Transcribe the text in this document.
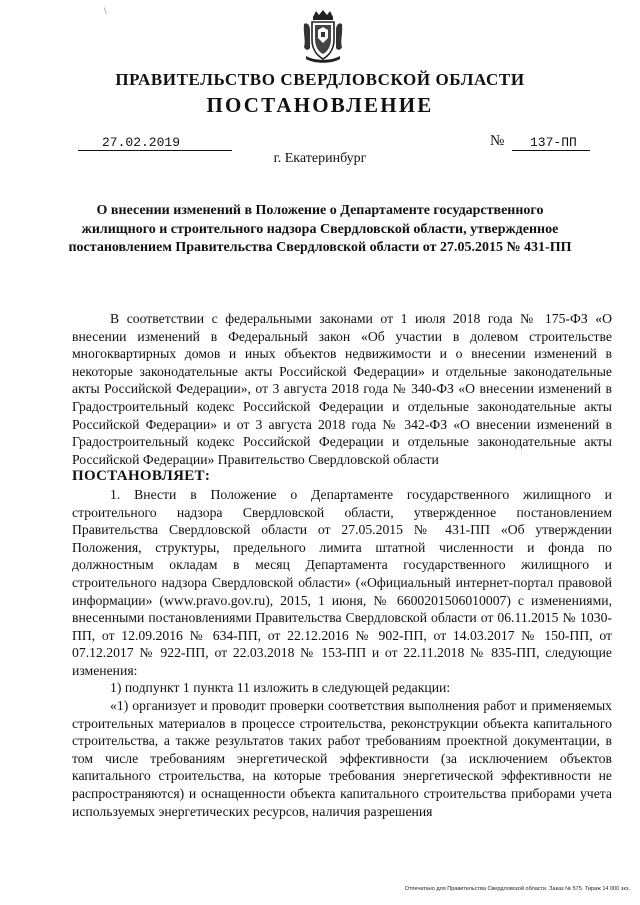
\
ПРАВИТЕЛЬСТВО СВЕРДЛОВСКОЙ ОБЛАСТИ
ПОСТАНОВЛЕНИЕ
27.02.2019	№	137-ПП
г. Екатеринбург
О внесении изменений в Положение о Департаменте государственного жилищного и строительного надзора Свердловской области, утвержденное постановлением Правительства Свердловской области от 27.05.2015 № 431-ПП

В соответствии с федеральными законами от 1 июля 2018 года № 175-ФЗ «О внесении изменений в Федеральный закон «Об участии в долевом строительстве многоквартирных домов и иных объектов недвижимости и о внесении изменений в некоторые законодательные акты Российской Федерации» и отдельные законодательные акты Российской Федерации», от 3 августа 2018 года № 340-ФЗ «О внесении изменений в Градостроительный кодекс Российской Федерации и отдельные законодательные акты Российской Федерации» и от 3 августа 2018 года № 342-ФЗ «О внесении изменений в Градостроительный кодекс Российской Федерации и отдельные законодательные акты Российской Федерации» Правительство Свердловской области

ПОСТАНОВЛЯЕТ:

1. Внести в Положение о Департаменте государственного жилищного и строительного надзора Свердловской области, утвержденное постановлением Правительства Свердловской области от 27.05.2015 № 431-ПП «Об утверждении Положения, структуры, предельного лимита штатной численности и фонда по должностным окладам в месяц Департамента государственного жилищного и строительного надзора Свердловской области» («Официальный интернет-портал правовой информации» (www.pravo.gov.ru), 2015, 1 июня, № 6600201506010007) с изменениями, внесенными постановлениями Правительства Свердловской области от 06.11.2015 № 1030-ПП, от 12.09.2016 № 634-ПП, от 22.12.2016 № 902-ПП, от 14.03.2017 № 150-ПП, от 07.12.2017 № 922-ПП, от 22.03.2018 № 153-ПП и от 22.11.2018 № 835-ПП, следующие изменения:

1) подпункт 1 пункта 11 изложить в следующей редакции:

«1) организует и проводит проверки соответствия выполнения работ и применяемых строительных материалов в процессе строительства, реконструкции объекта капитального строительства, а также результатов таких работ требованиям проектной документации, в том числе требованиям энергетической эффективности (за исключением объектов капитального строительства, на которые требования энергетической эффективности не распространяются) и оснащенности объекта капитального строительства приборами учета используемых энергетических ресурсов, наличия разрешения

Отпечатано для Правительства Свердловской области. Заказ № 575. Тираж 14 000 экз.
